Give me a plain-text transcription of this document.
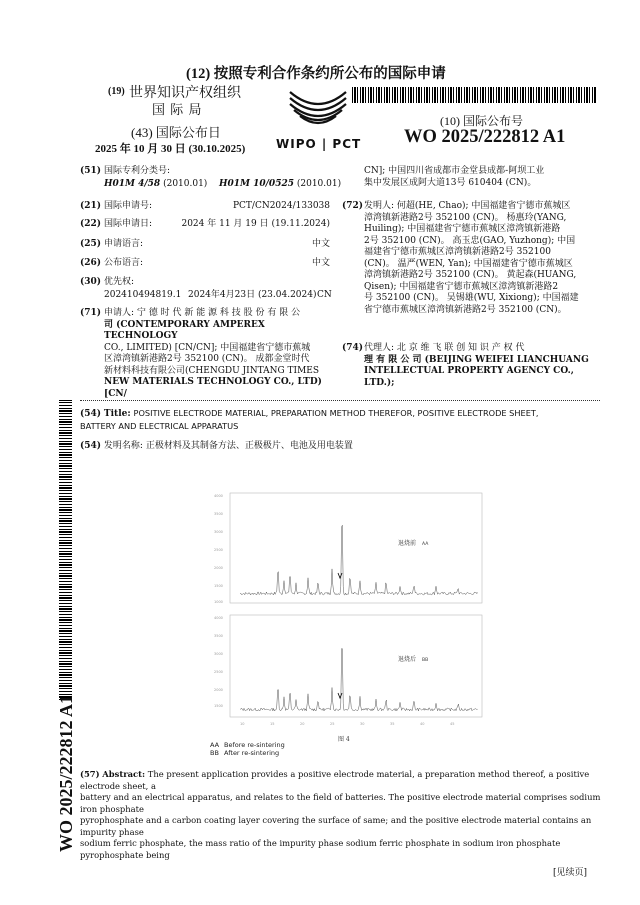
(12) 按照专利合作条约所公布的国际申请
(19) 世界知识产权组织
国 际 局
(43) 国际公布日
2025 年 10 月 30 日 (30.10.2025)	WIPO | PCT
(10) 国际公布号
WO 2025/222812 A1
(51) 国际专利分类号:
H01M 4/58 (2010.01) H01M 10/0525 (2010.01)
(21) 国际申请号:	PCT/CN2024/133038
(22) 国际申请日:	2024 年 11 月 19 日 (19.11.2024)
(25) 申请语言:	中文
(26) 公布语言:	中文
(30) 优先权:
202410494819.1 2024年4月23日 (23.04.2024) CN
(71) 申请人: 宁 德 时 代 新 能 源 科 技 股 份 有 限 公
司 (CONTEMPORARY AMPEREX TECHNOLOGY
CO., LIMITED) [CN/CN]; 中国福建省宁德市蕉城
区漳湾镇新港路2号 352100 (CN)。 成都金堂时代
新材料科技有限公司(CHENGDU JINTANG TIMES
NEW MATERIALS TECHNOLOGY CO., LTD) [CN/
CN]; 中国四川省成都市金堂县成都-阿坝工业
集中发展区成阿大道13号 610404 (CN)。
(72) 发明人: 何超(HE, Chao); 中国福建省宁德市蕉城区
漳湾镇新港路2号 352100 (CN)。 杨惠玲(YANG,
Huiling); 中国福建省宁德市蕉城区漳湾镇新港路
2号 352100 (CN)。 高玉忠(GAO, Yuzhong); 中国
福建省宁德市蕉城区漳湾镇新港路2号 352100
(CN)。 温严(WEN, Yan); 中国福建省宁德市蕉城区
漳湾镇新港路2号 352100 (CN)。 黄起森(HUANG,
Qisen); 中国福建省宁德市蕉城区漳湾镇新港路2
号 352100 (CN)。 吴锡雄(WU, Xixiong); 中国福建
省宁德市蕉城区漳湾镇新港路2号 352100 (CN)。
(74) 代理人: 北 京 维 飞 联 创 知 识 产 权 代
理 有 限 公 司 (BEIJING WEIFEI LIANCHUANG
INTELLECTUAL PROPERTY AGENCY CO., LTD.);
(54) Title: POSITIVE ELECTRODE MATERIAL, PREPARATION METHOD THEREFOR, POSITIVE ELECTRODE SHEET,
BATTERY AND ELECTRICAL APPARATUS
(54) 发明名称: 正极材料及其制备方法、正极极片、电池及用电装置
4000
3500
3000
2500
2000
1500
1000
4000
3500
3000
2500
2000
1500
10	15	20	25	30	35	40	45
退烧前 AA
退烧后 BB
图 4
AA Before re-sintering
BB After re-sintering
(57) Abstract: The present application provides a positive electrode material, a preparation method thereof, a positive electrode sheet, a
battery and an electrical apparatus, and relates to the field of batteries. The positive electrode material comprises sodium iron phosphate
pyrophosphate and a carbon coating layer covering the surface of same; and the positive electrode material contains an impurity phase
sodium ferric phosphate, the mass ratio of the impurity phase sodium ferric phosphate in sodium iron phosphate pyrophosphate being
WO 2025/222812 A1
[见续页]
